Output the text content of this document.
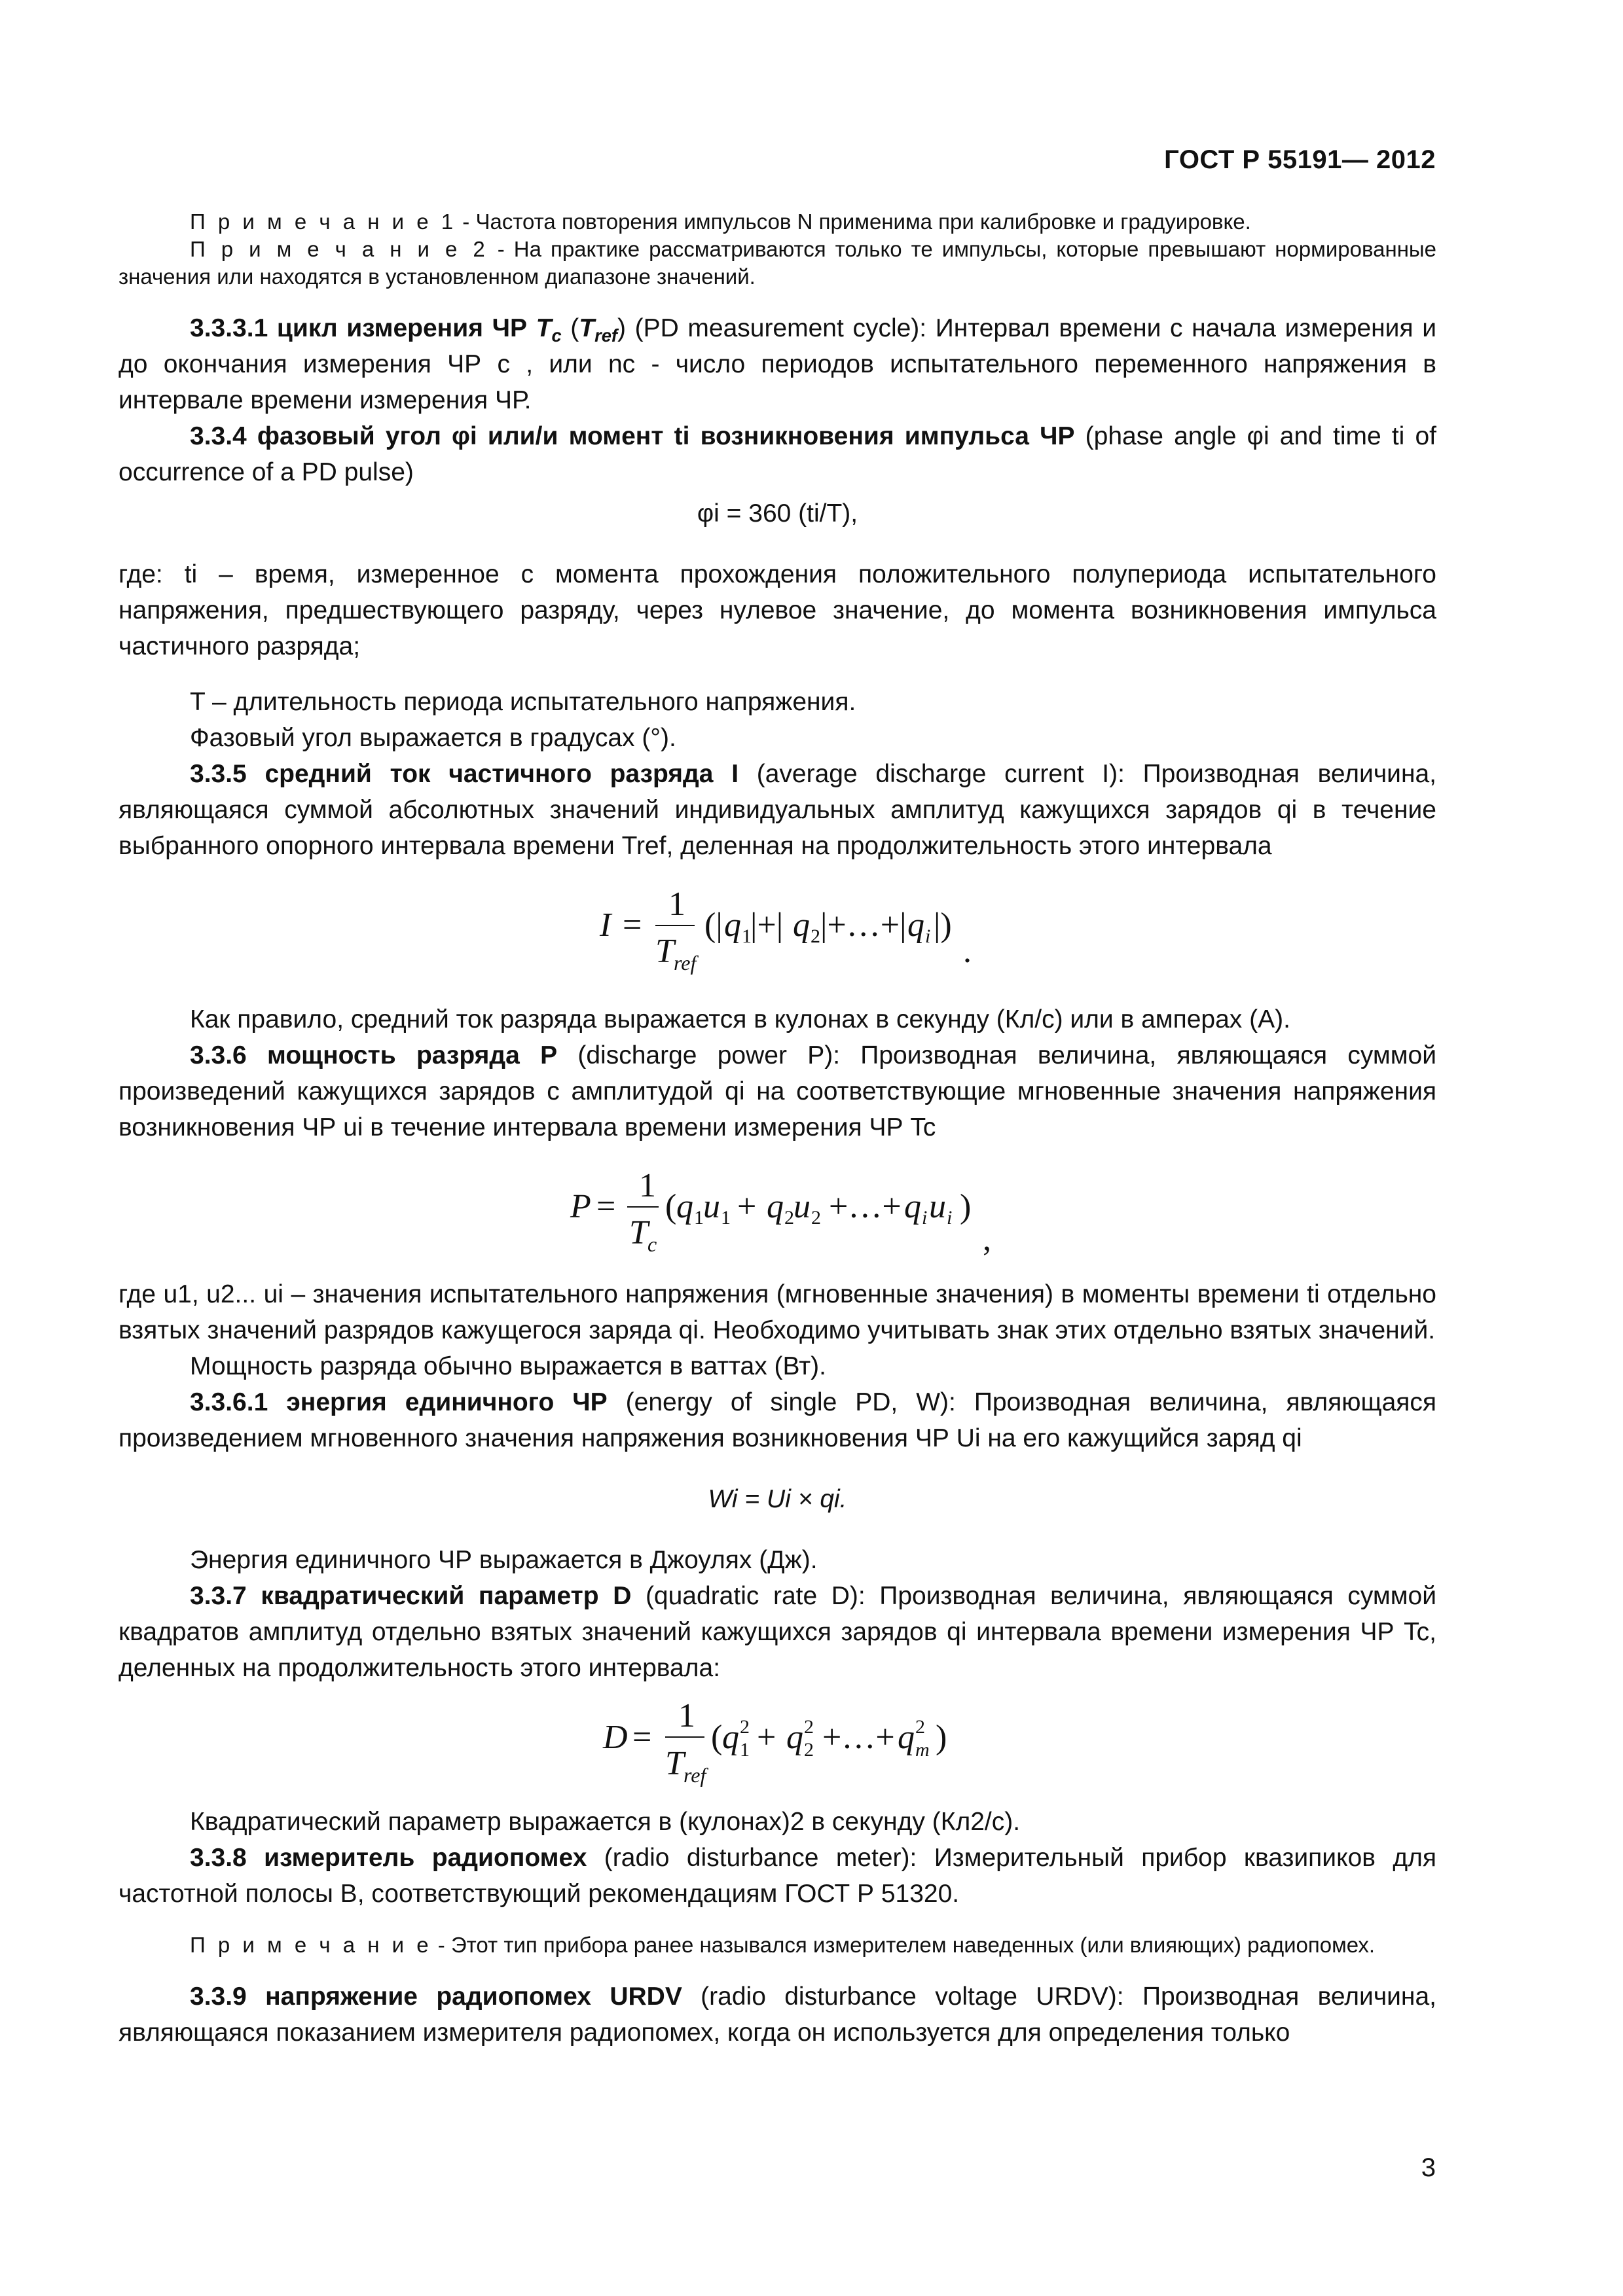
ГОСТ Р 55191— 2012

П р и м е ч а н и е 1 - Частота повторения импульсов N применима при калибровке и градуировке.

П р и м е ч а н и е 2 - На практике рассматриваются только те импульсы, которые превышают нормированные значения или находятся в установленном диапазоне значений.

3.3.3.1 цикл измерения ЧР $T_c$ $(T_{ref})$ (PD measurement cycle): Интервал времени с начала измерения и до окончания измерения ЧР c , или nc - число периодов испытательного переменного напряжения в интервале времени измерения ЧР.

3.3.4 фазовый угол φi или/и момент ti возникновения импульса ЧР (phase angle φi and time ti of occurrence of a PD pulse)

φi = 360 (ti/T),

где: ti – время, измеренное с момента прохождения положительного полупериода испытательного напряжения, предшествующего разряду, через нулевое значение, до момента возникновения импульса частичного разряда;

T – длительность периода испытательного напряжения.

Фазовый угол выражается в градусах (°).

3.3.5 средний ток частичного разряда I (average discharge current I): Производная величина, являющаяся суммой абсолютных значений индивидуальных амплитуд кажущихся зарядов qi в течение выбранного опорного интервала времени Tref, деленная на продолжительность этого интервала

I =
1
T ref
(| q 1
|+| q 2 |+…+| q i |)
.

Как правило, средний ток разряда выражается в кулонах в секунду (Кл/с) или в амперах (А).

3.3.6 мощность разряда P (discharge power P): Производная величина, являющаяся суммой произведений кажущихся зарядов с амплитудой qi на соответствующие мгновенные значения напряжения возникновения ЧР ui в течение интервала времени измерения ЧР Tc

P =
1
T c
( q 1 u 1 + q 2 u 2 +…+ q i u i )
,

где u1, u2... ui – значения испытательного напряжения (мгновенные значения) в моменты времени ti отдельно взятых значений разрядов кажущегося заряда qi. Необходимо учитывать знак этих отдельно взятых значений.

Мощность разряда обычно выражается в ваттах (Вт).

3.3.6.1 энергия единичного ЧР (energy of single PD, W): Производная величина, являющаяся произведением мгновенного значения напряжения возникновения ЧР Ui на его кажущийся заряд qi

Wi = Ui × qi.

Энергия единичного ЧР выражается в Джоулях (Дж).

3.3.7 квадратический параметр D (quadratic rate D): Производная величина, являющаяся суммой квадратов амплитуд отдельно взятых значений кажущихся зарядов qi интервала времени измерения ЧР Tc, деленных на продолжительность этого интервала:

D =
1
T ref
( q 1
2 + q 2
2 +…+ q m
2 )

Квадратический параметр выражается в (кулонах)2 в секунду (Кл2/с).

3.3.8 измеритель радиопомех (radio disturbance meter): Измерительный прибор квазипиков для частотной полосы В, соответствующий рекомендациям ГОСТ Р 51320.

П р и м е ч а н и е - Этот тип прибора ранее назывался измерителем наведенных (или влияющих) радиопомех.

3.3.9 напряжение радиопомех URDV (radio disturbance voltage URDV): Производная величина, являющаяся показанием измерителя радиопомех, когда он используется для определения только

3
